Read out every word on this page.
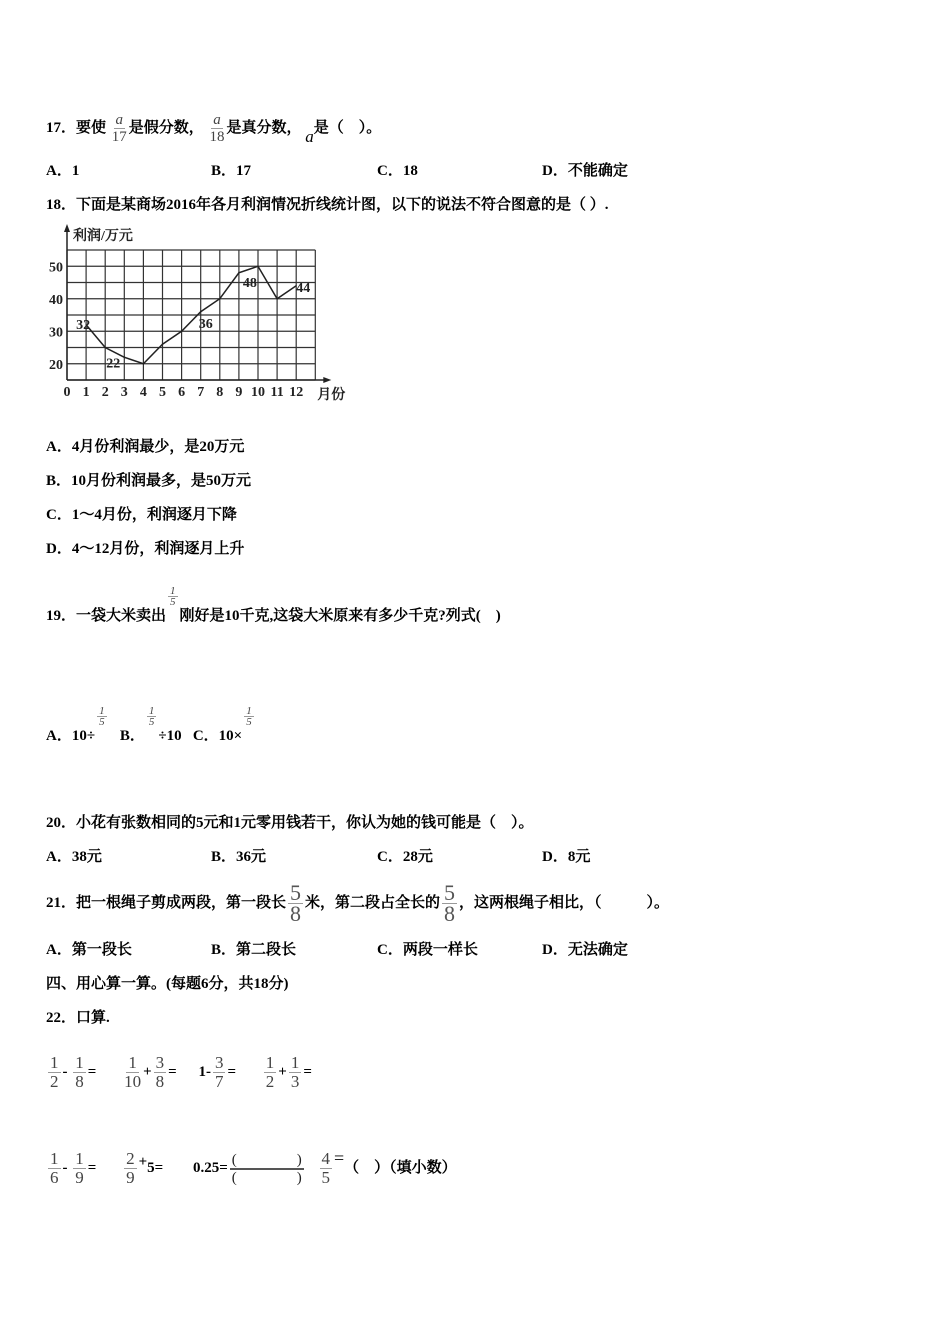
17．要使 $\frac{a}{17}$ 是假分数， $\frac{a}{18}$ 是真分数， a是（　）。
A．1	B．17	C．18	D．不能确定
18．下面是某商场2016年各月利润情况折线统计图，以下的说法不符合图意的是（ ）.
利润/万元
月份
0 1 2 3 4 5 6 7 8 9 10 11 12
20
30
40
50
32
22
36
48	44
A．4月份利润最少，是20万元
B．10月份利润最多，是50万元
C．1～4月份，利润逐月下降
D．4～12月份，利润逐月上升
19．一袋大米卖出
$\frac{1}{5}$
刚好是10千克,这袋大米原来有多少千克?列式(　)
A．10÷
$\frac{1}{5}$
B．
$\frac{1}{5}$
÷10 C．10×
$\frac{1}{5}$
20．小花有张数相同的5元和1元零用钱若干，你认为她的钱可能是（　）。
A．38元	B．36元	C．28元	D．8元
21．把一根绳子剪成两段，第一段长 $\frac{5}{8}$ 米，第二段占全长的 $\frac{5}{8}$ ，这两根绳子相比，（　　　）。
A．第一段长	B．第二段长	C．两段一样长	D．无法确定
四、用心算一算。(每题6分，共18分)
22．口算.
$\frac{1}{2} - \frac{1}{8} = \frac{1}{10} + \frac{3}{8} = 1- \frac{3}{7} = \frac{1}{2} + \frac{1}{3}$ =
$\frac{1}{6} - \frac{1}{9} = \frac{2}{9} +5= 0.25= \frac{( )}{( )}$
$\frac{4}{5}$ =（　）（填小数）
